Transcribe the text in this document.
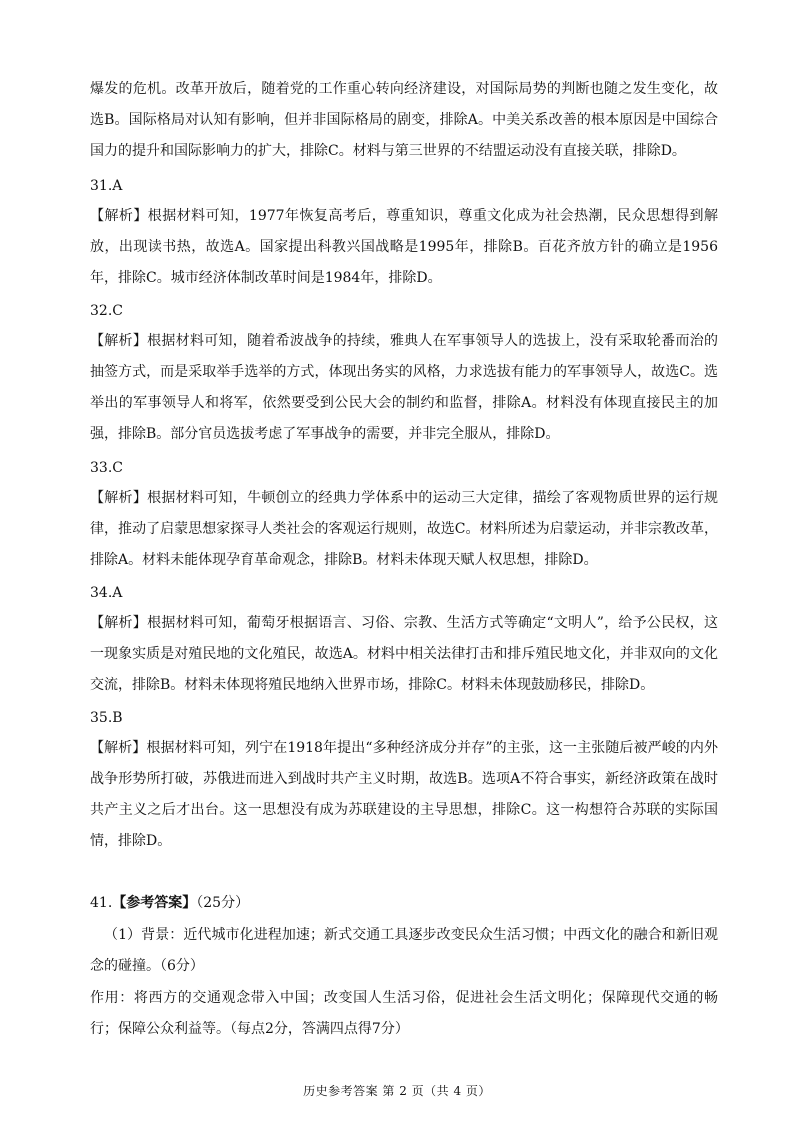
爆发的危机。改革开放后，随着党的工作重心转向经济建设，对国际局势的判断也随之发生变化，故选B。国际格局对认知有影响，但并非国际格局的剧变，排除A。中美关系改善的根本原因是中国综合国力的提升和国际影响力的扩大，排除C。材料与第三世界的不结盟运动没有直接关联，排除D。

31.A

【解析】根据材料可知，1977年恢复高考后，尊重知识，尊重文化成为社会热潮，民众思想得到解放，出现读书热，故选A。国家提出科教兴国战略是1995年，排除B。百花齐放方针的确立是1956年，排除C。城市经济体制改革时间是1984年，排除D。

32.C

【解析】根据材料可知，随着希波战争的持续，雅典人在军事领导人的选拔上，没有采取轮番而治的抽签方式，而是采取举手选举的方式，体现出务实的风格，力求选拔有能力的军事领导人，故选C。选举出的军事领导人和将军，依然要受到公民大会的制约和监督，排除A。材料没有体现直接民主的加强，排除B。部分官员选拔考虑了军事战争的需要，并非完全服从，排除D。

33.C

【解析】根据材料可知，牛顿创立的经典力学体系中的运动三大定律，描绘了客观物质世界的运行规律，推动了启蒙思想家探寻人类社会的客观运行规则，故选C。材料所述为启蒙运动，并非宗教改革，排除A。材料未能体现孕育革命观念，排除B。材料未体现天赋人权思想，排除D。

34.A

【解析】根据材料可知，葡萄牙根据语言、习俗、宗教、生活方式等确定“文明人”，给予公民权，这一现象实质是对殖民地的文化殖民，故选A。材料中相关法律打击和排斥殖民地文化，并非双向的文化交流，排除B。材料未体现将殖民地纳入世界市场，排除C。材料未体现鼓励移民，排除D。

35.B

【解析】根据材料可知，列宁在1918年提出“多种经济成分并存”的主张，这一主张随后被严峻的内外战争形势所打破，苏俄进而进入到战时共产主义时期，故选B。选项A不符合事实，新经济政策在战时共产主义之后才出台。这一思想没有成为苏联建设的主导思想，排除C。这一构想符合苏联的实际国情，排除D。

41.【参考答案】（25分）

（1）背景：近代城市化进程加速；新式交通工具逐步改变民众生活习惯；中西文化的融合和新旧观念的碰撞。（6分）

作用：将西方的交通观念带入中国；改变国人生活习俗，促进社会生活文明化；保障现代交通的畅行；保障公众利益等。（每点2分，答满四点得7分）

历史参考答案 第 2 页（共 4 页）
